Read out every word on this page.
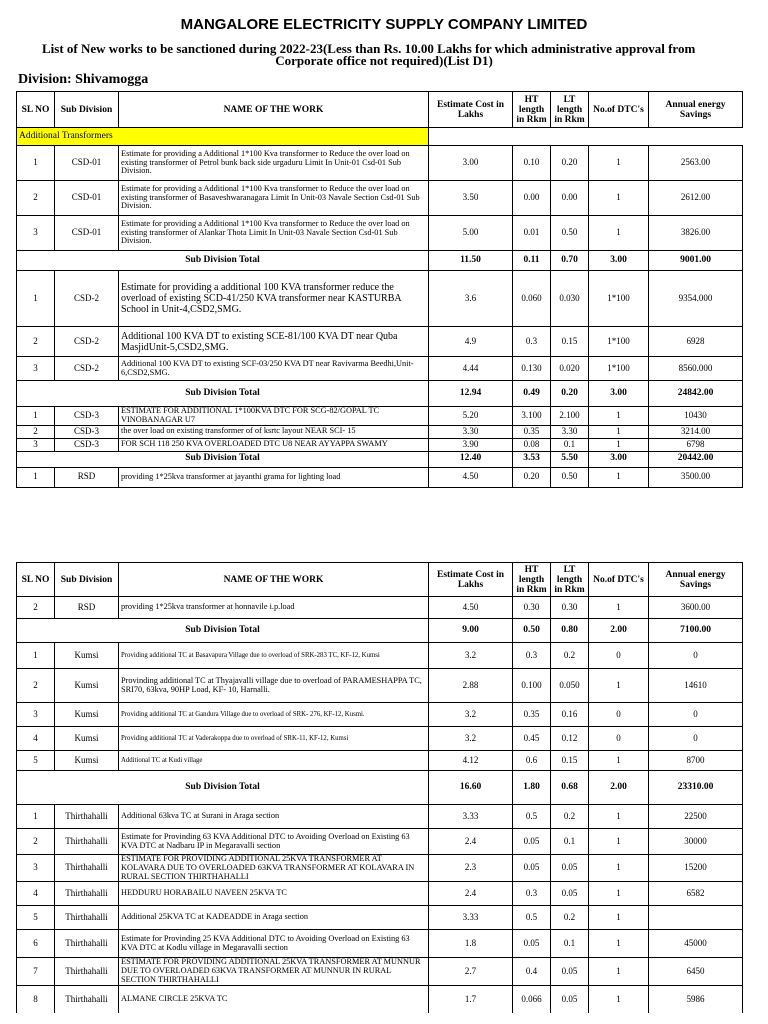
MANGALORE ELECTRICITY SUPPLY COMPANY LIMITED
List of New works to be sanctioned during 2022-23(Less than Rs. 10.00 Lakhs for which administrative approval from
Corporate office not required)(List D1)
Division: Shivamogga
SL NO	Sub Division	NAME OF THE WORK	Estimate Cost in Lakhs	HT length in Rkm	LT length in Rkm	No.of DTC's	Annual energy Savings
Additional Transformers							
1	CSD-01	Estimate for providing a Additional 1*100 Kva transformer to Reduce the over load on existing transformer of Petrol bunk back side urgaduru Limit In Unit-01 Csd-01 Sub Division.	3.00	0.10	0.20	1	2563.00
2	CSD-01	Estimate for providing a Additional 1*100 Kva transformer to Reduce the over load on existing transformer of Basaveshwaranagara Limit In Unit-03 Navale Section Csd-01 Sub Division.	3.50	0.00	0.00	1	2612.00
3	CSD-01	Estimate for providing a Additional 1*100 Kva transformer to Reduce the over load on existing transformer of Alankar Thota Limit In Unit-03 Navale Section Csd-01 Sub Division.	5.00	0.01	0.50	1	3826.00
Sub Division Total			11.50	0.11	0.70	3.00	9001.00
1	CSD-2	Estimate for providing a additional 100 KVA transformer reduce the overload of existing SCD-41/250 KVA transformer near KASTURBA School in Unit-4,CSD2,SMG.	3.6	0.060	0.030	1*100	9354.000
2	CSD-2	Additional 100 KVA DT to existing SCE-81/100 KVA DT near Quba MasjidUnit-5,CSD2,SMG.	4.9	0.3	0.15	1*100	6928
3	CSD-2	Additional 100 KVA DT to existing SCF-03/250 KVA DT near Ravivarma Beedhi,Unit-6,CSD2,SMG.	4.44	0.130	0.020	1*100	8560.000
Sub Division Total			12.94	0.49	0.20	3.00	24842.00
1	CSD-3	ESTIMATE FOR ADDITIONAL 1*100KVA DTC FOR SCG-82/GOPAL TC VINOBANAGAR U7	5.20	3.100	2.100	1	10430
2	CSD-3	the over load on existing transformer of of ksrtc layout NEAR SCI- 15	3.30	0.35	3.30	1	3214.00
3	CSD-3	FOR SCH 118 250 KVA OVERLOADED DTC U8 NEAR AYYAPPA SWAMY	3.90	0.08	0.1	1	6798
Sub Division Total			12.40	3.53	5.50	3.00	20442.00
1	RSD	providing 1*25kva transformer at jayanthi grama for lighting load	4.50	0.20	0.50	1	3500.00
SL NO	Sub Division	NAME OF THE WORK	Estimate Cost in Lakhs	HT length in Rkm	LT length in Rkm	No.of DTC's	Annual energy Savings
2	RSD	providing 1*25kva transformer at honnavile i.p.load	4.50	0.30	0.30	1	3600.00
Sub Division Total			9.00	0.50	0.80	2.00	7100.00
1	Kumsi	Providing additional TC at Basavapura Village due to overload of SRK-283 TC, KF-12, Kumsi	3.2	0.3	0.2	0	0
2	Kumsi	Provinding additional TC at Thyajavalli village due to overload of PARAMESHAPPA TC, SRI70, 63kva, 90HP Load, KF- 10, Harnalli.	2.88	0.100	0.050	1	14610
3	Kumsi	Providing additional TC at Gandura Village due to overload of SRK- 276, KF-12, Kusmi.	3.2	0.35	0.16	0	0
4	Kumsi	Providing additional TC at Vaderakoppa due to overload of SRK-11, KF-12, Kumsi	3.2	0.45	0.12	0	0
5	Kumsi	Additional TC at Kudi village	4.12	0.6	0.15	1	8700
Sub Division Total			16.60	1.80	0.68	2.00	23310.00
1	Thirthahalli	Additional 63kva TC at Surani in Araga section	3.33	0.5	0.2	1	22500
2	Thirthahalli	Estimate for Provinding 63 KVA Additional DTC to Avoiding Overload on Existing 63 KVA DTC at Nadbaru IP in Megaravalli section	2.4	0.05	0.1	1	30000
3	Thirthahalli	ESTIMATE FOR PROVIDING ADDITIONAL 25KVA TRANSFORMER AT KOLAVARA DUE TO OVERLOADED 63KVA TRANSFORMER AT KOLAVARA IN RURAL SECTION THIRTHAHALLI	2.3	0.05	0.05	1	15200
4	Thirthahalli	HEDDURU HORABAILU NAVEEN 25KVA TC	2.4	0.3	0.05	1	6582
5	Thirthahalli	Additional 25KVA TC at KADEADDE in Araga section	3.33	0.5	0.2	1	
6	Thirthahalli	Estimate for Provinding 25 KVA Additional DTC to Avoiding Overload on Existing 63 KVA DTC at Kodlu village in Megaravalli section	1.8	0.05	0.1	1	45000
7	Thirthahalli	ESTIMATE FOR PROVIDING ADDITIONAL 25KVA TRANSFORMER AT MUNNUR DUE TO OVERLOADED 63KVA TRANSFORMER AT MUNNUR IN RURAL SECTION THIRTHAHALLI	2.7	0.4	0.05	1	6450
8	Thirthahalli	ALMANE CIRCLE 25KVA TC	1.7	0.066	0.05	1	5986
